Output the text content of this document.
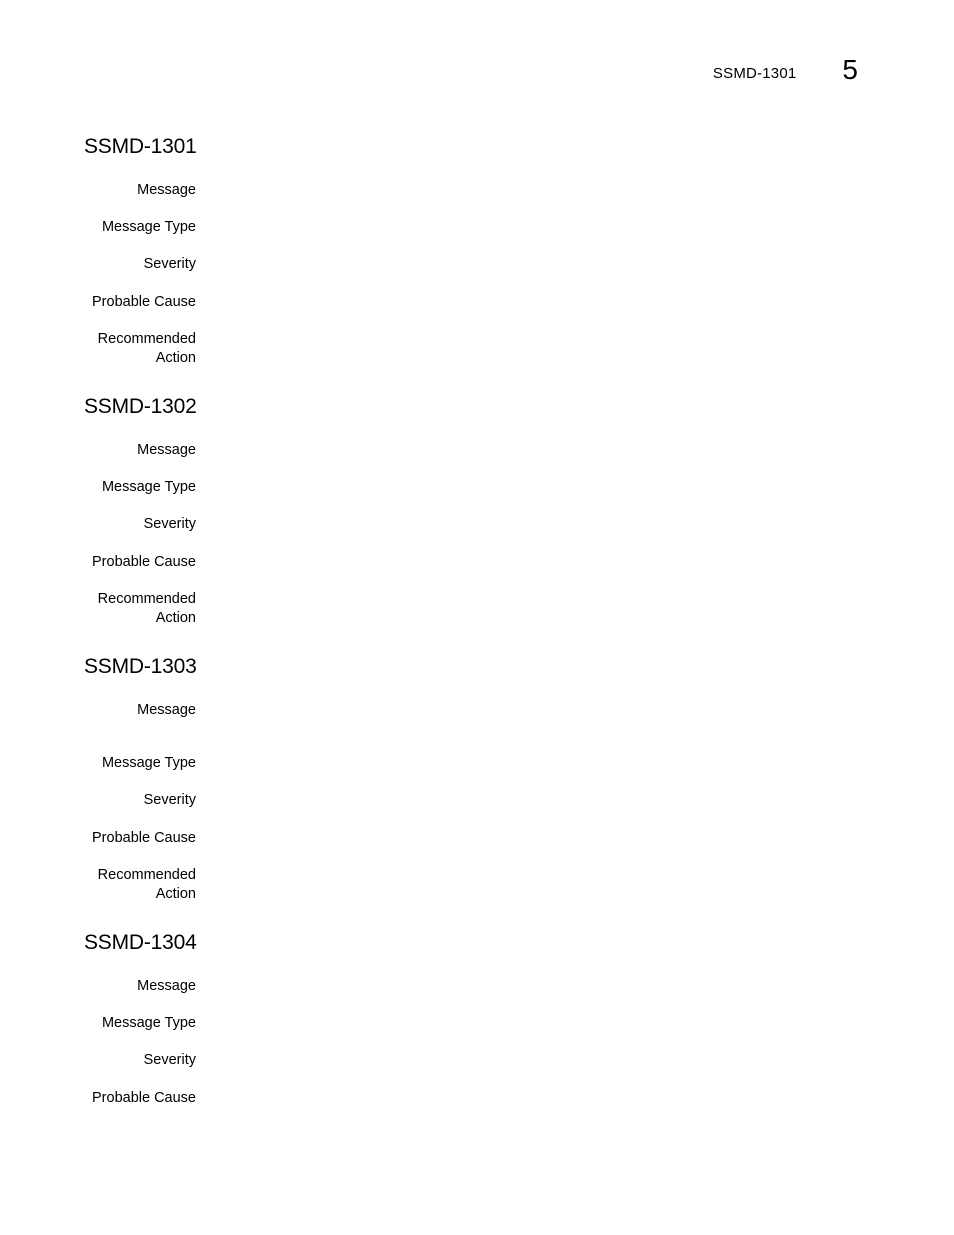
SSMD-1301 5
SSMD-1301
Message
Message Type
Severity
Probable Cause
Recommended Action
SSMD-1302
Message
Message Type
Severity
Probable Cause
Recommended Action
SSMD-1303
Message
Message Type
Severity
Probable Cause
Recommended Action
SSMD-1304
Message
Message Type
Severity
Probable Cause
